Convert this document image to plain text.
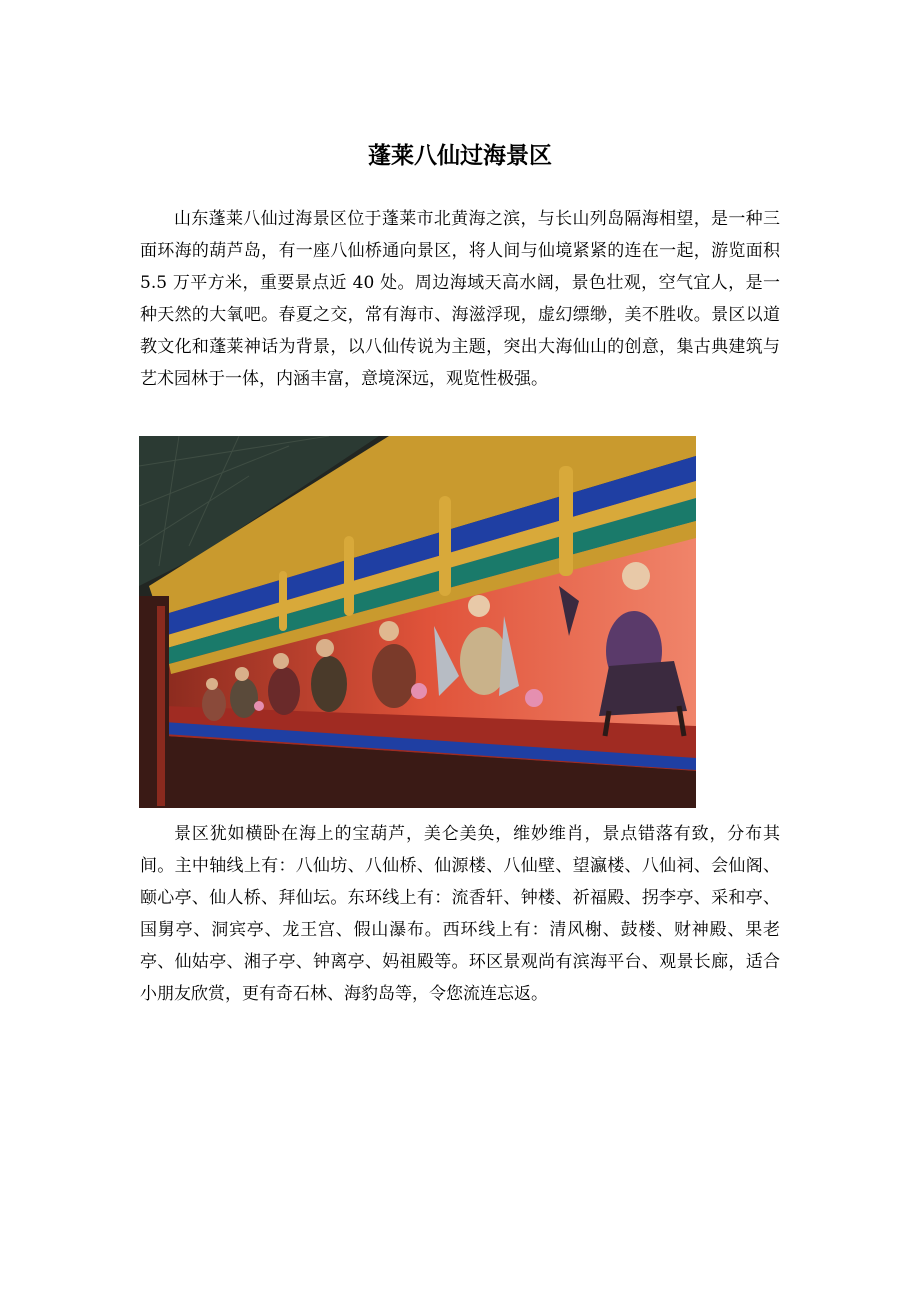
蓬莱八仙过海景区

山东蓬莱八仙过海景区位于蓬莱市北黄海之滨，与长山列岛隔海相望，是一种三面环海的葫芦岛，有一座八仙桥通向景区，将人间与仙境紧紧的连在一起，游览面积 5.5 万平方米，重要景点近 40 处。周边海域天高水阔，景色壮观，空气宜人，是一种天然的大氧吧。春夏之交，常有海市、海滋浮现，虚幻缥缈，美不胜收。景区以道教文化和蓬莱神话为背景，以八仙传说为主题，突出大海仙山的创意，集古典建筑与艺术园林于一体，内涵丰富，意境深远，观览性极强。

景区犹如横卧在海上的宝葫芦，美仑美奂，维妙维肖，景点错落有致，分布其间。主中轴线上有：八仙坊、八仙桥、仙源楼、八仙壁、望瀛楼、八仙祠、会仙阁、颐心亭、仙人桥、拜仙坛。东环线上有：流香轩、钟楼、祈福殿、拐李亭、采和亭、国舅亭、洞宾亭、龙王宫、假山瀑布。西环线上有：清风榭、鼓楼、财神殿、果老亭、仙姑亭、湘子亭、钟离亭、妈祖殿等。环区景观尚有滨海平台、观景长廊，适合小朋友欣赏，更有奇石林、海豹岛等，令您流连忘返。
